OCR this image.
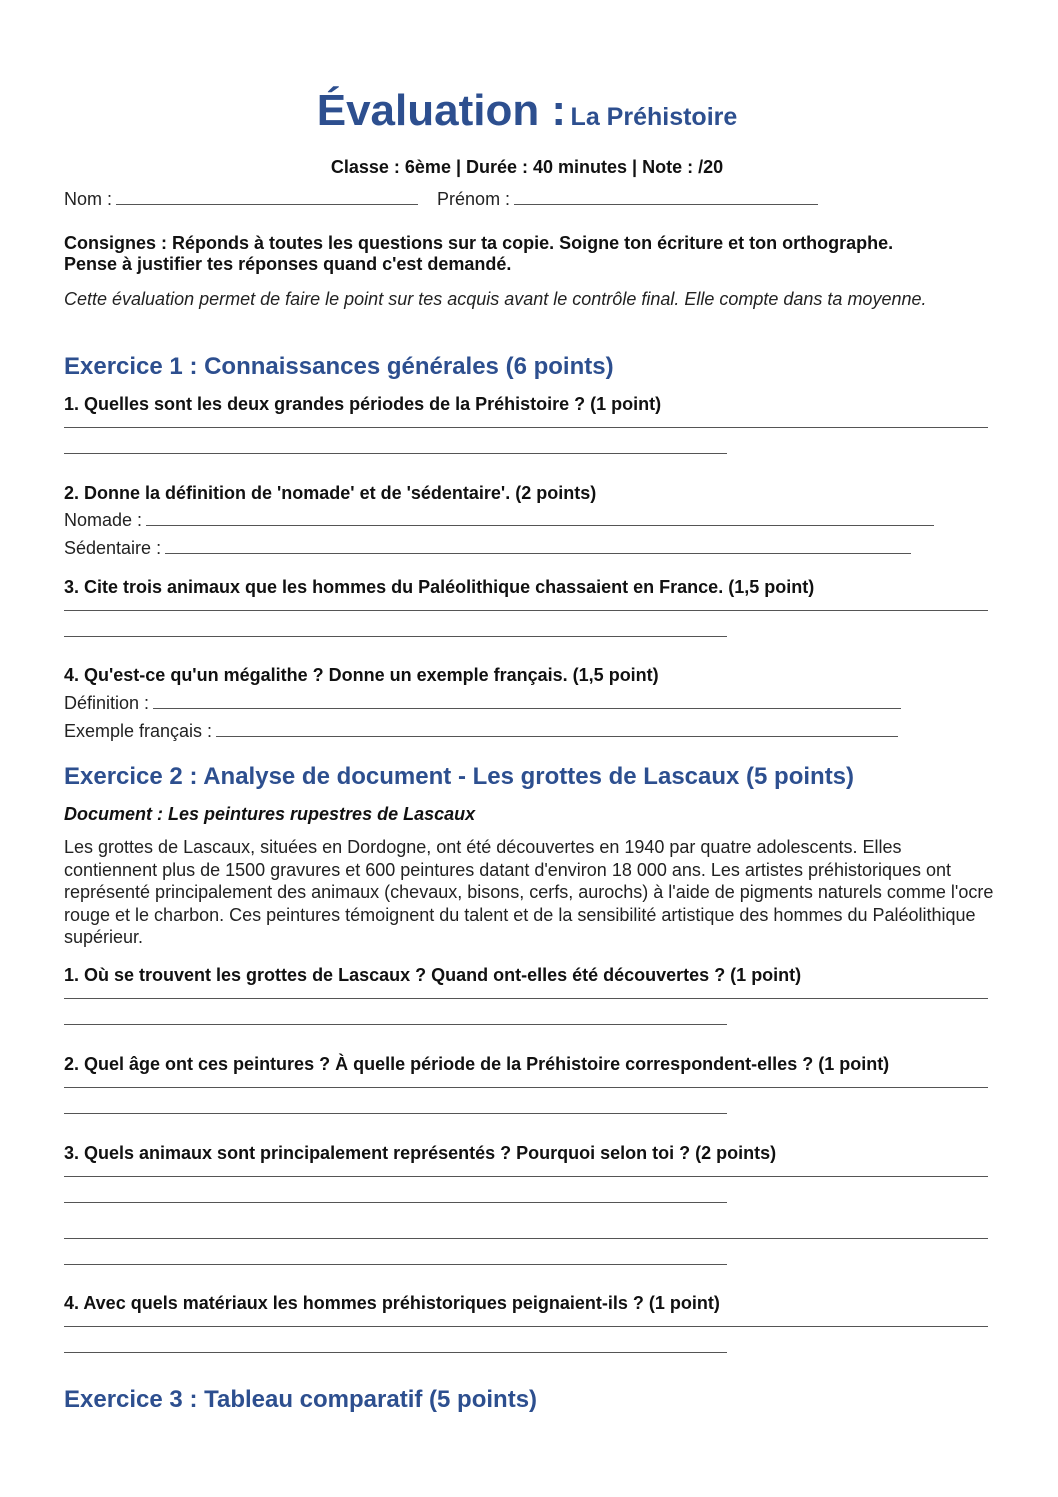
Évaluation : La Préhistoire
Classe : 6ème | Durée : 40 minutes | Note : /20
Nom :	Prénom :
Consignes : Réponds à toutes les questions sur ta copie. Soigne ton écriture et ton orthographe.
Pense à justifier tes réponses quand c'est demandé.
Cette évaluation permet de faire le point sur tes acquis avant le contrôle final. Elle compte dans ta moyenne.
Exercice 1 : Connaissances générales (6 points)
1. Quelles sont les deux grandes périodes de la Préhistoire ? (1 point)
2. Donne la définition de 'nomade' et de 'sédentaire'. (2 points)
Nomade :
Sédentaire :
3. Cite trois animaux que les hommes du Paléolithique chassaient en France. (1,5 point)
4. Qu'est-ce qu'un mégalithe ? Donne un exemple français. (1,5 point)
Définition :
Exemple français :
Exercice 2 : Analyse de document - Les grottes de Lascaux (5 points)
Document : Les peintures rupestres de Lascaux
Les grottes de Lascaux, situées en Dordogne, ont été découvertes en 1940 par quatre adolescents. Elles contiennent plus de 1500 gravures et 600 peintures datant d'environ 18 000 ans. Les artistes préhistoriques ont représenté principalement des animaux (chevaux, bisons, cerfs, aurochs) à l'aide de pigments naturels comme l'ocre rouge et le charbon. Ces peintures témoignent du talent et de la sensibilité artistique des hommes du Paléolithique supérieur.
1. Où se trouvent les grottes de Lascaux ? Quand ont-elles été découvertes ? (1 point)
2. Quel âge ont ces peintures ? À quelle période de la Préhistoire correspondent-elles ? (1 point)
3. Quels animaux sont principalement représentés ? Pourquoi selon toi ? (2 points)
4. Avec quels matériaux les hommes préhistoriques peignaient-ils ? (1 point)
Exercice 3 : Tableau comparatif (5 points)
